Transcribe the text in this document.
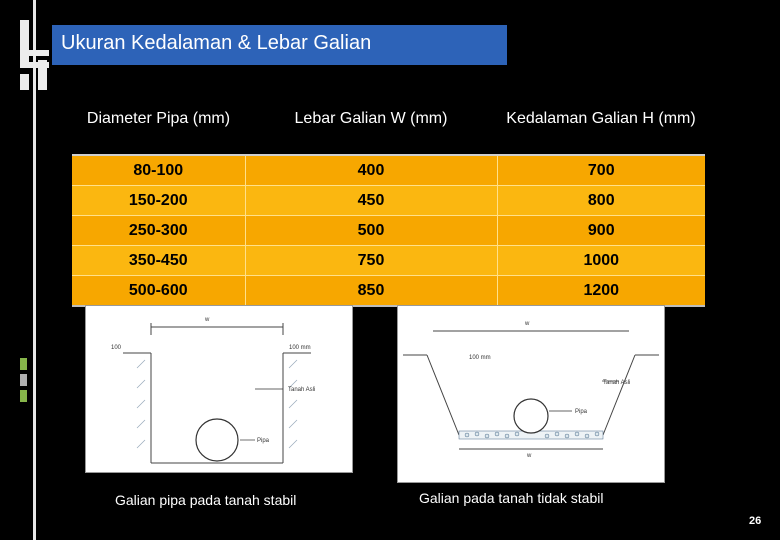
Ukuran Kedalaman & Lebar Galian
Diameter Pipa (mm)	Lebar Galian W (mm)	Kedalaman Galian H (mm)
80-100	400	700
150-200	450	800
250-300	500	900
350-450	750	1000
500-600	850	1200
w
100	100 mm
Tanah Asli
Pipa
w
100 mm
Tanah Asli
Pipa
w
Galian pipa pada tanah stabil	Galian pada tanah tidak stabil
26
